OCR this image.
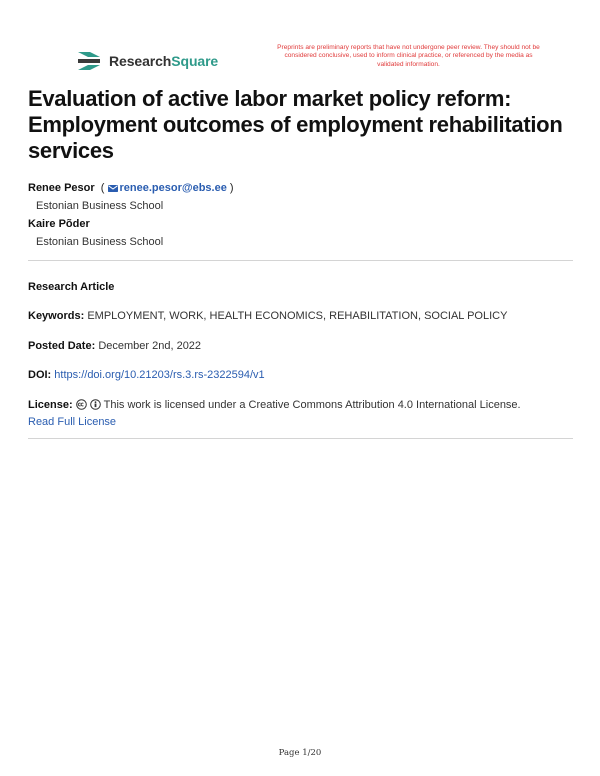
ResearchSquare
Preprints are preliminary reports that have not undergone peer review. They should not be considered conclusive, used to inform clinical practice, or referenced by the media as validated information.
Evaluation of active labor market policy reform: Employment outcomes of employment rehabilitation services
Renee Pesor  ( renee.pesor@ebs.ee )
Estonian Business School
Kaire Põder
Estonian Business School
Research Article
Keywords: EMPLOYMENT, WORK, HEALTH ECONOMICS, REHABILITATION, SOCIAL POLICY
Posted Date: December 2nd, 2022
DOI: https://doi.org/10.21203/rs.3.rs-2322594/v1
License:	This work is licensed under a Creative Commons Attribution 4.0 International License.
Read Full License
Page 1/20
